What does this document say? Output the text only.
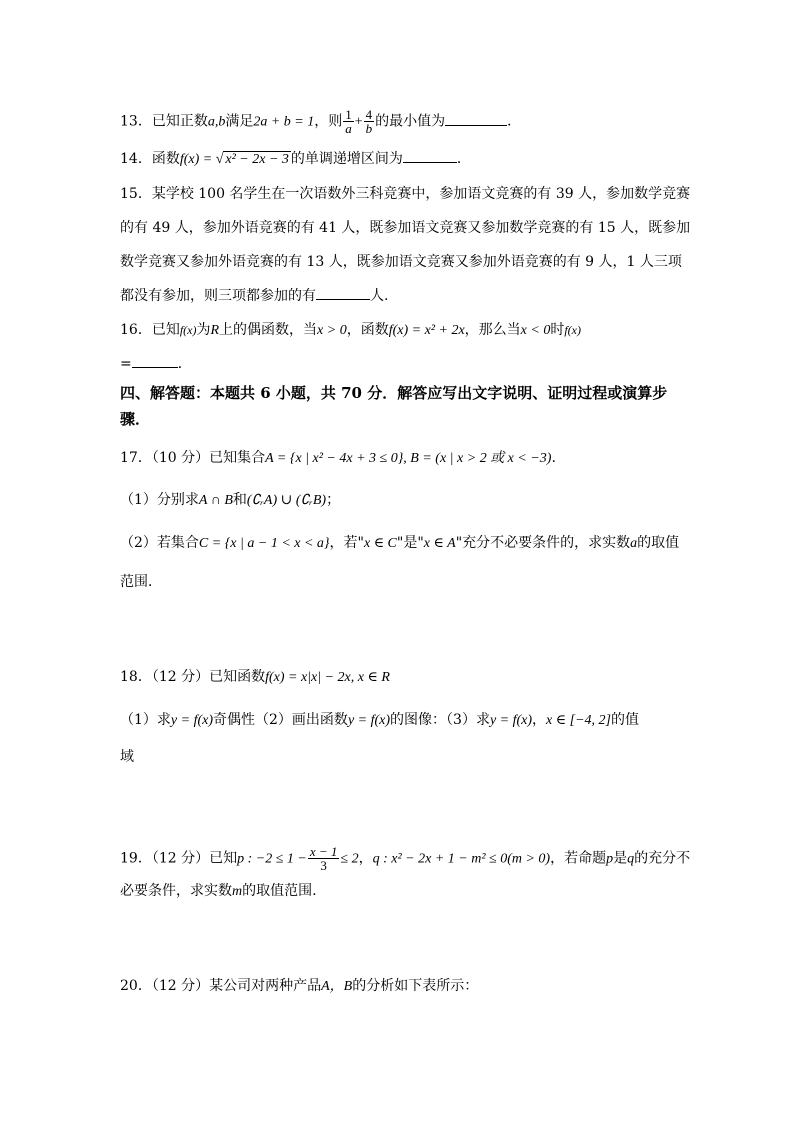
13．已知正数a,b满足2a + b = 1，则 $\frac{1}{a} + \frac{4}{b}$ 的最小值为	．
14．函数f(x) = √ x² − 2x − 3 的单调递增区间为	．
15．某学校 100 名学生在一次语数外三科竞赛中，参加语文竞赛的有 39 人，参加数学竞赛
的有 49 人，参加外语竞赛的有 41 人，既参加语文竞赛又参加数学竞赛的有 15 人，既参加
数学竞赛又参加外语竞赛的有 13 人，既参加语文竞赛又参加外语竞赛的有 9 人，1 人三项
都没有参加，则三项都参加的有	人.
16．已知f(x)为R上的偶函数，当x > 0，函数f(x) = x² + 2x，那么当x < 0时f(x)
=	．
四、解答题：本题共 6 小题，共 70 分．解答应写出文字说明、证明过程或演算步骤．
17．（10 分）已知集合A = {x | x² − 4x + 3 ≤ 0}, B = (x | x > 2 或 x < −3).
（1）分别求A ∩ B和(∁ᵣA) ∪ (∁ᵣB)；
（2）若集合C = {x | a − 1 < x < a}，若"x ∈ C"是"x ∈ A"充分不必要条件的，求实数a的取值
范围．
18．（12 分）已知函数f(x) = x|x| − 2x, x ∈ R
（1）求y = f(x)奇偶性（2）画出函数y = f(x)的图像：（3）求y = f(x)，x ∈ [−4, 2]的值
域
19．（12 分）已知p : $-2 \le 1 - \frac{x - 1}{3} \le 2$，q : x² − 2x + 1 − m² ≤ 0(m > 0)，若命题p是q的充分不
必要条件，求实数m的取值范围.
20．（12 分）某公司对两种产品A，B的分析如下表所示：
